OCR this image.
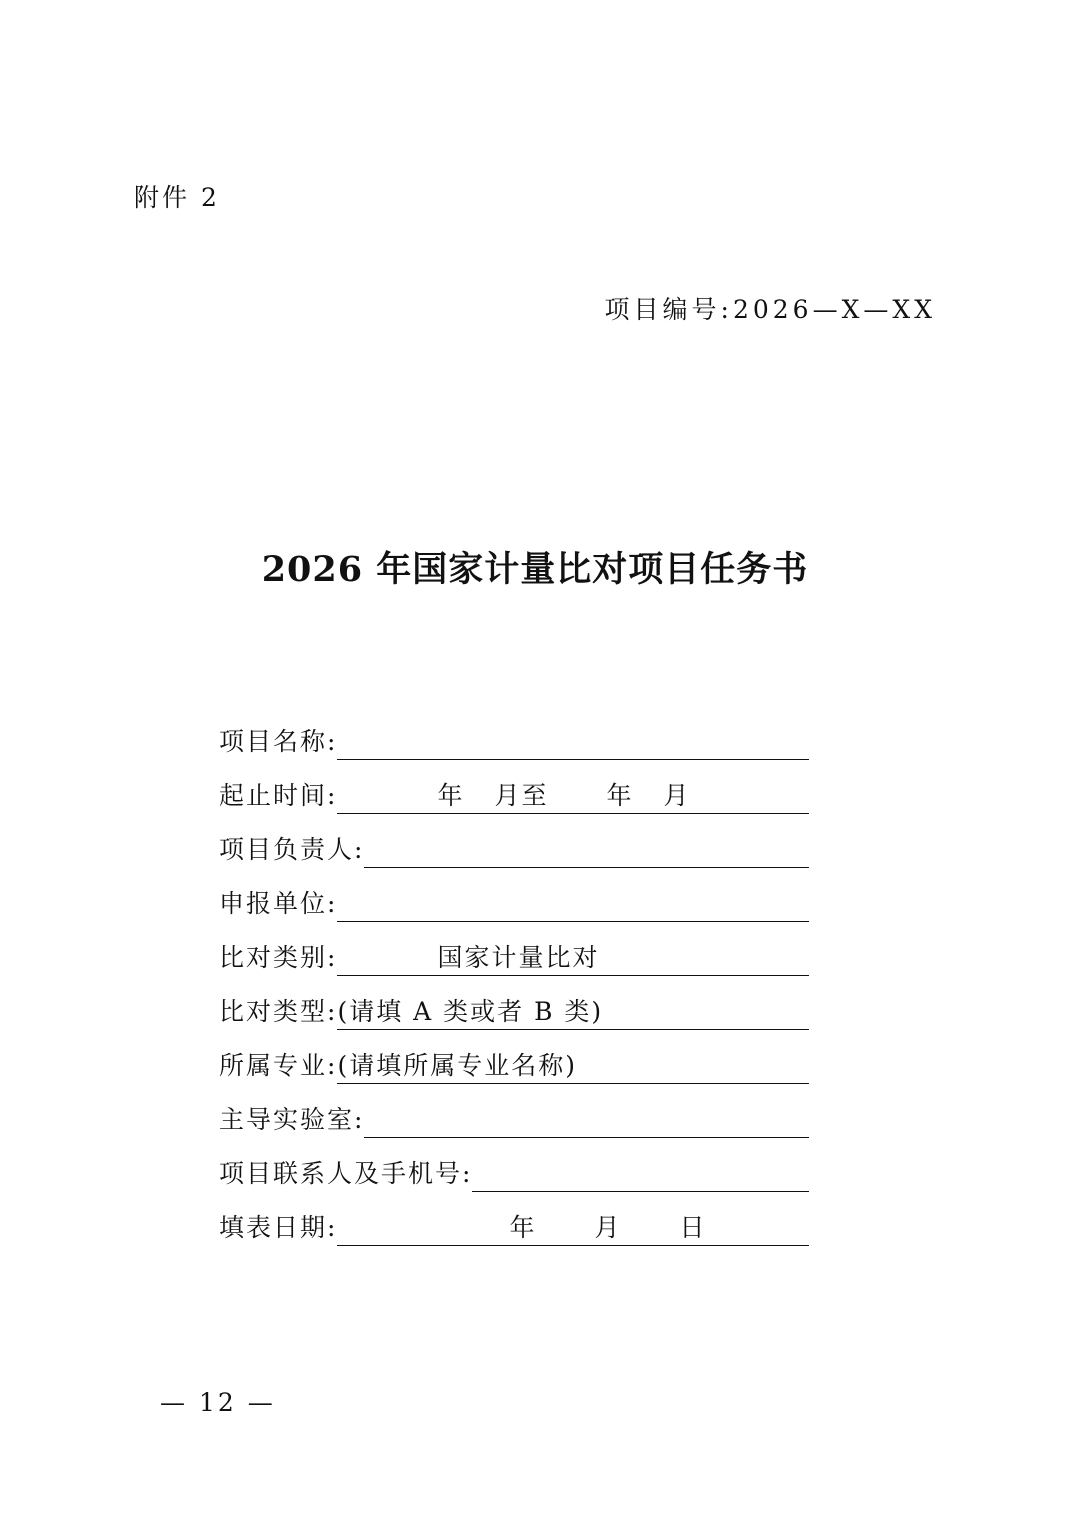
附件 2
项目编号:2026—X—XX
2026 年国家计量比对项目任务书
项目名称:
起止时间:	年 月至 年 月
项目负责人:
申报单位:
比对类别:	国家计量比对
比对类型: (请填 A 类或者 B 类)
所属专业: (请填所属专业名称)
主导实验室:
项目联系人及手机号:
填表日期:	年 月 日
— 12 —
